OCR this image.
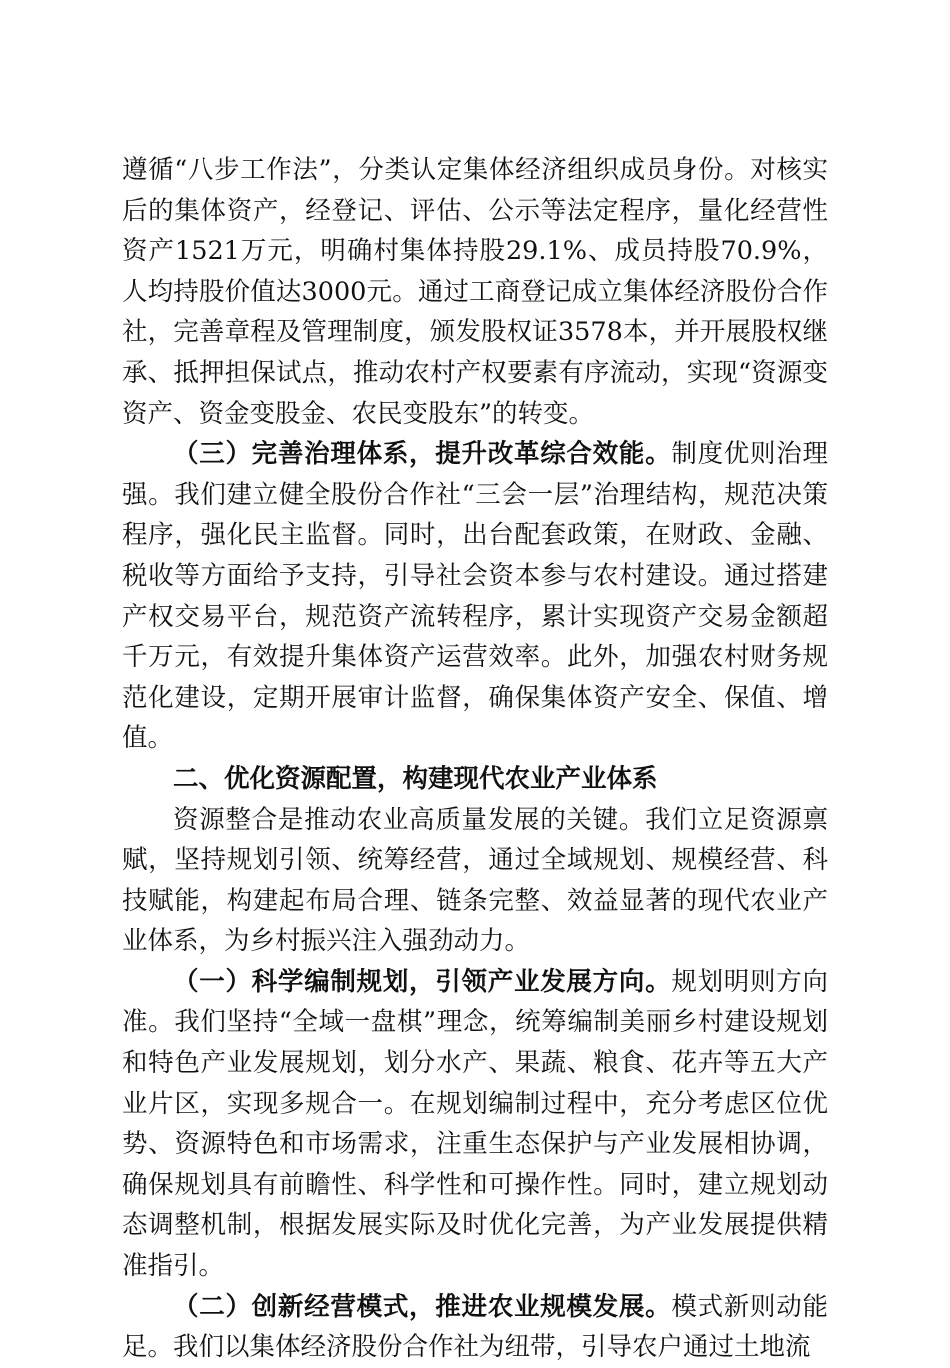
遵循“八步工作法”，分类认定集体经济组织成员身份。对核实后的集体资产，经登记、评估、公示等法定程序，量化经营性资产1521万元，明确村集体持股29.1%、成员持股70.9%，人均持股价值达3000元。通过工商登记成立集体经济股份合作社，完善章程及管理制度，颁发股权证3578本，并开展股权继承、抵押担保试点，推动农村产权要素有序流动，实现“资源变资产、资金变股金、农民变股东”的转变。

（三）完善治理体系，提升改革综合效能。制度优则治理强。我们建立健全股份合作社“三会一层”治理结构，规范决策程序，强化民主监督。同时，出台配套政策，在财政、金融、税收等方面给予支持，引导社会资本参与农村建设。通过搭建产权交易平台，规范资产流转程序，累计实现资产交易金额超千万元，有效提升集体资产运营效率。此外，加强农村财务规范化建设，定期开展审计监督，确保集体资产安全、保值、增值。

二、优化资源配置，构建现代农业产业体系

资源整合是推动农业高质量发展的关键。我们立足资源禀赋，坚持规划引领、统筹经营，通过全域规划、规模经营、科技赋能，构建起布局合理、链条完整、效益显著的现代农业产业体系，为乡村振兴注入强劲动力。

（一）科学编制规划，引领产业发展方向。规划明则方向准。我们坚持“全域一盘棋”理念，统筹编制美丽乡村建设规划和特色产业发展规划，划分水产、果蔬、粮食、花卉等五大产业片区，实现多规合一。在规划编制过程中，充分考虑区位优势、资源特色和市场需求，注重生态保护与产业发展相协调，确保规划具有前瞻性、科学性和可操作性。同时，建立规划动态调整机制，根据发展实际及时优化完善，为产业发展提供精准指引。

（二）创新经营模式，推进农业规模发展。模式新则动能足。我们以集体经济股份合作社为纽带，引导农户通过土地流
